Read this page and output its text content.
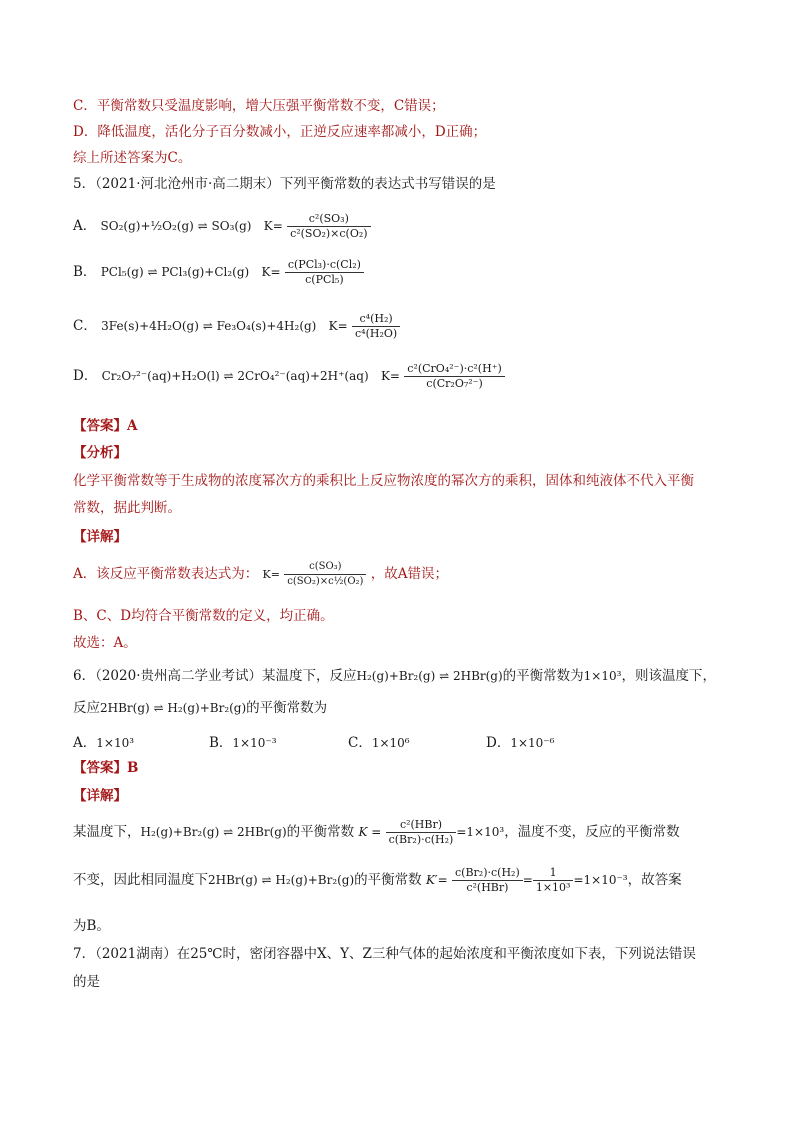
C．平衡常数只受温度影响，增大压强平衡常数不变，C错误；
D．降低温度，活化分子百分数减小，正逆反应速率都减小，D正确；
综上所述答案为C。
5．（2021·河北沧州市·高二期末）下列平衡常数的表达式书写错误的是
A． SO₂(g)+½O₂(g) ⇌ SO₃(g) $K= \frac{\text{c²(SO₃)}}{\text{c²(SO₂)×c(O₂)}}$
B． PCl₅(g) ⇌ PCl₃(g)+Cl₂(g) $K= \frac{\text{c(PCl₃)·c(Cl₂)}}{\text{c(PCl₅)}}$
C． 3Fe(s)+4H₂O(g) ⇌ Fe₃O₄(s)+4H₂(g) $K= \frac{\text{c⁴(H₂)}}{\text{c⁴(H₂O)}}$
D． Cr₂O₇²⁻(aq)+H₂O(l) ⇌ 2CrO₄²⁻(aq)+2H⁺(aq) $K= \frac{\text{c²(CrO₄²⁻)·c²(H⁺)}}{\text{c(Cr₂O₇²⁻)}}$
【答案】A
【分析】
化学平衡常数等于生成物的浓度幂次方的乘积比上反应物浓度的幂次方的乘积，固体和纯液体不代入平衡
常数，据此判断。
【详解】
A．该反应平衡常数表达式为： $K= \frac{\text{c(SO₃)}}{\text{c(SO₂)×c½(O₂)}}$ ，故A错误；
B、C、D均符合平衡常数的定义，均正确。
故选：A。
6．（2020·贵州高二学业考试）某温度下，反应H₂(g)+Br₂(g) ⇌ 2HBr(g)的平衡常数为1×10³，则该温度下，
反应2HBr(g) ⇌ H₂(g)+Br₂(g)的平衡常数为
A．1×10³	B．1×10⁻³	C．1×10⁶	D．1×10⁻⁶
【答案】B
【详解】
某温度下，H₂(g)+Br₂(g) ⇌ 2HBr(g)的平衡常数 $K = \frac{\text{c²(HBr)}}{\text{c(Br₂)·c(H₂)}} =1\times 10^3$，温度不变，反应的平衡常数
不变，因此相同温度下2HBr(g) ⇌ H₂(g)+Br₂(g)的平衡常数 $K'= \frac{\text{c(Br₂)·c(H₂)}}{\text{c²(HBr)}} = \frac{1}{\text{1×10³}} =1\times 10^{-3}$，故答案
为B。
7．（2021湖南）在25℃时，密闭容器中X、Y、Z三种气体的起始浓度和平衡浓度如下表，下列说法错误
的是
